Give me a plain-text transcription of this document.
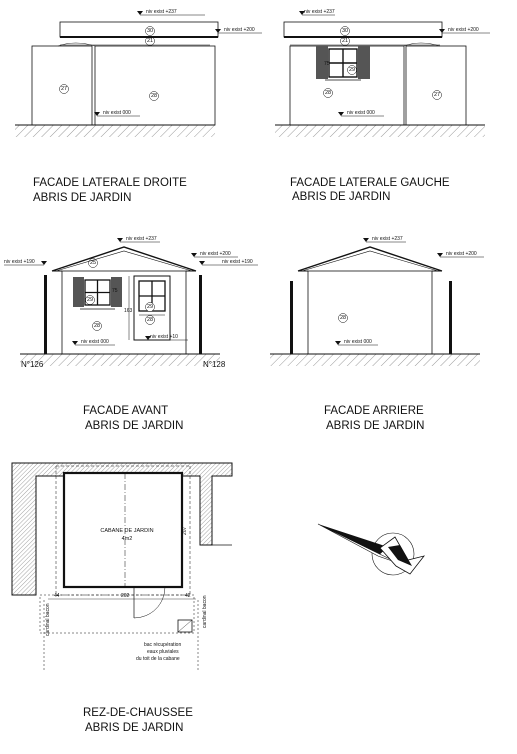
niv exist +237
niv exist +200
niv exist 000
30
21
27
28
FACADE LATERALE DROITE
ABRIS DE JARDIN
75
niv exist +237
niv exist +200
niv exist 000
30
21
29
28	27
FACADE LATERALE GAUCHE
ABRIS DE JARDIN
75
163
niv exist +237
niv exist +200
niv exist +190	niv exist +190
niv exist 000
niv exist +10
25
29
29
28
28
N°126	N°128
FACADE AVANT
ABRIS DE JARDIN
niv exist +237
niv exist +200
niv exist 000
28
FACADE ARRIERE
ABRIS DE JARDIN
CABANE DE JARDIN
4m2
44	202	42
207
cardinal bacon	cardinal bacon
bac récupération
eaux pluviales
du toit de la cabane
REZ-DE-CHAUSSEE
ABRIS DE JARDIN
